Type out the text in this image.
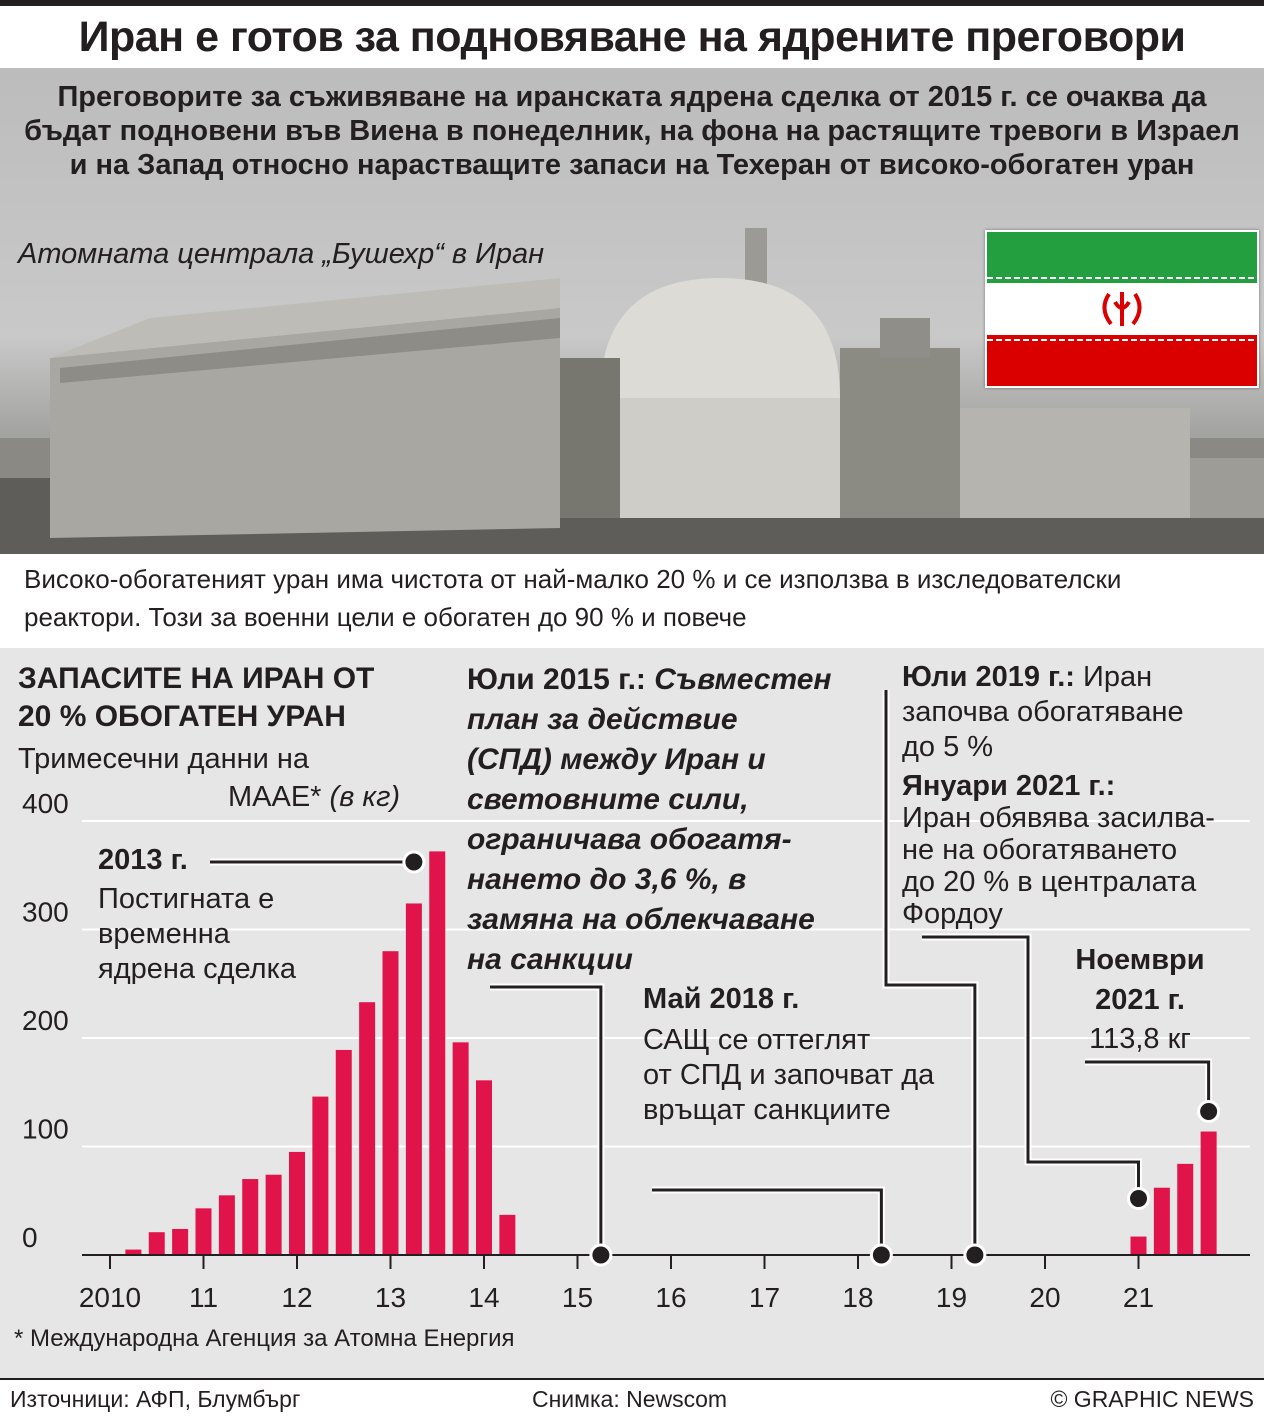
Иран е готов за подновяване на ядрените преговори
Преговорите за съживяване на иранската ядрена сделка от 2015 г. се очаква да бъдат подновени във Виена в понеделник, на фона на растящите тревоги в Израел и на Запад относно нарастващите запаси на Техеран от високо-обогатен уран
Атомната централа „Бушехр“ в Иран
Високо-обогатеният уран има чистота от най-малко 20 % и се използва в изследователски реактори. Този за военни цели е обогатен до 90 % и повече
ЗАПАСИТЕ НА ИРАН ОТ
20 % ОБОГАТЕН УРАН
Тримесечни данни на
МААЕ* (в кг)
0
100
200
300
400
2010 11 12 13 14 15 16 17 18 19 20 21
2013 г.
Постигната е
временна
ядрена сделка
Юли 2015 г.: Съвместен
план за действие
(СПД) между Иран и
световните сили,
ограничава обогатя-
нането до 3,6 %, в
замяна на облекчаване
на санкции
Май 2018 г.
САЩ се оттеглят
от СПД и започват да
връщат санкциите
Юли 2019 г.: Иран
започва обогатяване
до 5 %
Януари 2021 г.:
Иран обявява засилва-
не на обогатяването
до 20 % в централата
Фордоу
Ноември
2021 г.
113,8 кг
* Международна Агенция за Атомна Енергия
Източници: АФП, Блумбърг	Снимка: Newscom	© GRAPHIC NEWS
